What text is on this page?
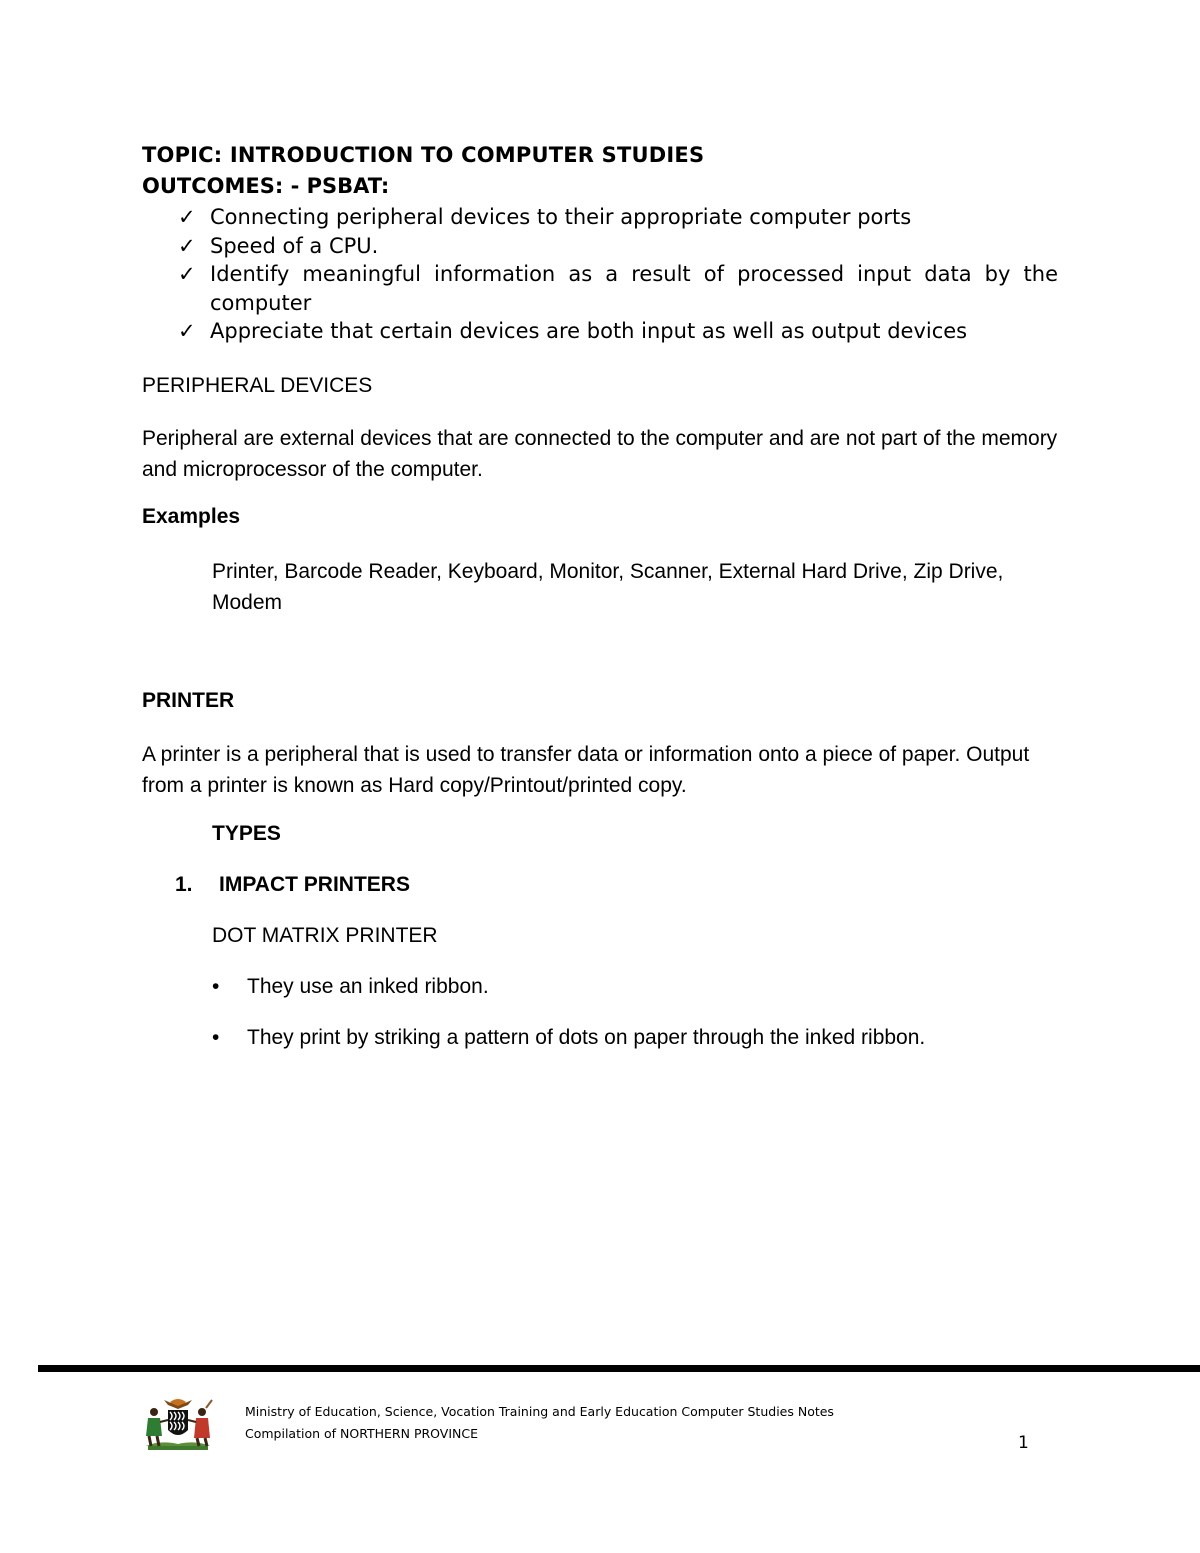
TOPIC: INTRODUCTION TO COMPUTER STUDIES
OUTCOMES: - PSBAT:
✓ Connecting peripheral devices to their appropriate computer ports
✓ Speed of a CPU.
✓ Identify meaningful information as a result of processed input data by the computer
✓ Appreciate that certain devices are both input as well as output devices
PERIPHERAL DEVICES
Peripheral are external devices that are connected to the computer and are not part of the memory and microprocessor of the computer.
Examples
Printer, Barcode Reader, Keyboard, Monitor, Scanner, External Hard Drive, Zip Drive, Modem
PRINTER
A printer is a peripheral that is used to transfer data or information onto a piece of paper. Output from a printer is known as Hard copy/Printout/printed copy.
TYPES
1. IMPACT PRINTERS
DOT MATRIX PRINTER
• They use an inked ribbon.
• They print by striking a pattern of dots on paper through the inked ribbon.
Ministry of Education, Science, Vocation Training and Early Education Computer Studies Notes
Compilation of NORTHERN PROVINCE	1
